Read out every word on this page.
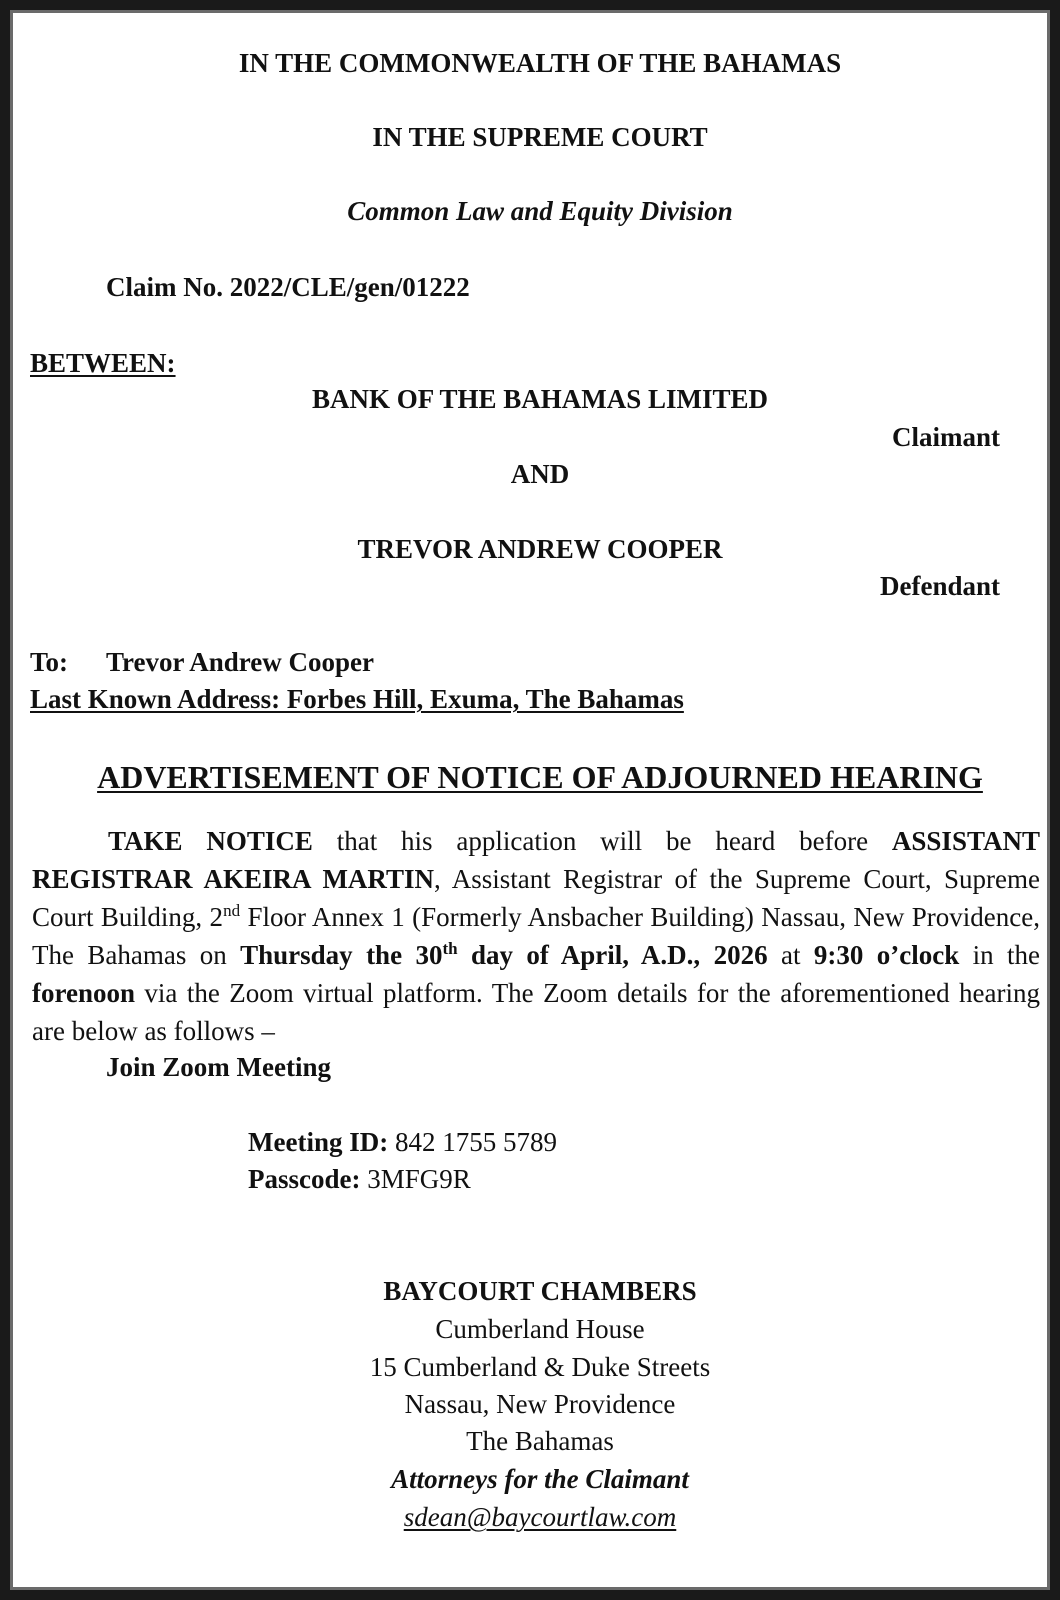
IN THE COMMONWEALTH OF THE BAHAMAS
IN THE SUPREME COURT
Common Law and Equity Division
Claim No. 2022/CLE/gen/01222
BETWEEN:
BANK OF THE BAHAMAS LIMITED
Claimant
AND
TREVOR ANDREW COOPER
Defendant
To: Trevor Andrew Cooper
Last Known Address: Forbes Hill, Exuma, The Bahamas
ADVERTISEMENT OF NOTICE OF ADJOURNED HEARING
TAKE NOTICE that his application will be heard before ASSISTANT REGISTRAR AKEIRA MARTIN, Assistant Registrar of the Supreme Court, Supreme Court Building, 2nd Floor Annex 1 (Formerly Ansbacher Building) Nassau, New Providence, The Bahamas on Thursday the 30th day of April, A.D., 2026 at 9:30 o’clock in the forenoon via the Zoom virtual platform. The Zoom details for the aforementioned hearing are below as follows –
Join Zoom Meeting
Meeting ID: 842 1755 5789
Passcode: 3MFG9R
BAYCOURT CHAMBERS
Cumberland House
15 Cumberland & Duke Streets
Nassau, New Providence
The Bahamas
Attorneys for the Claimant
sdean@baycourtlaw.com
